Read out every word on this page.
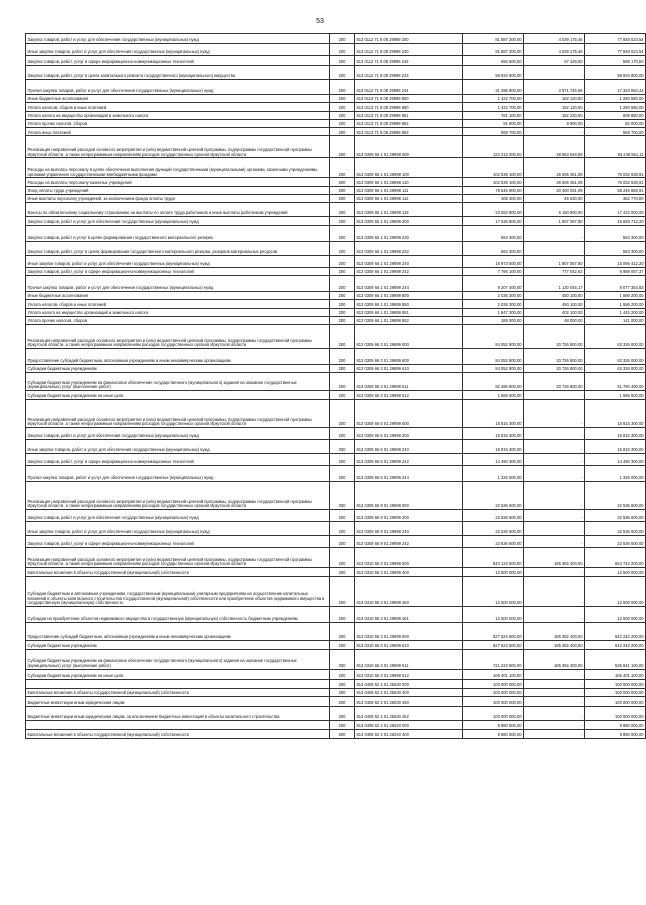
53
Закупка товаров, работ и услуг для обеспечения государственных (муниципальных) нужд	200	813 0112 71 8 08 29999 200	81 887 200,00	4 039 175,46	77 848 024,54
Иные закупки товаров, работ и услуг для обеспечения государственных (муниципальных) нужд	200	813 0112 71 8 08 29999 240	81 887 200,00	4 039 175,46	77 848 024,54
Закупка товаров, работ, услуг в сфере информационно-коммуникационных технологий	200	813 0112 71 8 08 29999 242	656 600,00	67 429,50	589 170,50
Закупка товаров, работ, услуг в целях капитального ремонта государственного (муниципального) имущества	200	813 0112 71 8 08 29999 243	59 934 800,00	-	59 934 800,00
Прочая закупка товаров, работ и услуг для обеспечения государственных (муниципальных) нужд	200	813 0112 71 8 08 29999 244	21 295 800,00	3 971 745,96	17 323 054,44
Иные бюджетные ассигнования	200	813 0113 71 8 08 29999 800	1 422 700,00	162 120,00	1 260 580,00
Уплата налогов, сборов и иных платежей	200	813 0113 71 8 08 29999 850	1 422 700,00	162 120,00	1 260 580,00
Уплата налога на имущество организаций и земельного налога	200	813 0113 71 8 08 29999 851	761 100,00	152 220,00	608 880,00
Уплата прочих налогов, сборов	200	813 0113 71 8 08 29999 852	91 900,00	9 900,00	82 000,00
Уплата иных платежей	200	813 0113 71 8 08 29999 853	569 700,00	-	569 700,00
Реализация направлений расходов основного мероприятия и (или) ведомственной целевой программы, подпрограммы государственной программы Иркутской области, а также непрограммным направлениям расходов государственных органов Иркутской области	200	813 0309 66 1 01 29999 000	122 212 200,00	28 963 648,89	93 248 551,11
Расходы на выплаты персоналу в целях обеспечения выполнения функций государственными (муниципальными) органами, казенными учреждениями, органами управления государственными внебюджетными фондами	200	813 0309 66 1 01 29999 100	102 639 100,00	26 606 461,09	76 032 638,91
Расходы на выплаты персоналу казенных учреждений	200	813 0309 66 1 01 29999 110	102 639 100,00	26 606 461,09	76 032 638,91
Фонд оплаты труда учреждений	200	813 0309 66 1 01 29999 111	78 646 900,00	20 400 031,09	58 246 868,91
Иные выплаты персоналу учреждений, за исключением фонда оплаты труда	200	813 0309 66 1 01 29999 112	408 400,00	45 630,00	362 770,00
Взносы по обязательному социальному страхованию на выплаты по оплате труда работников и иные выплаты работникам учреждений	200	813 0309 66 1 01 29999 119	23 583 800,00	6 160 800,00	17 422 000,00
Закупка товаров, работ и услуг для обеспечения государственных (муниципальных) нужд	200	813 0309 66 1 01 29999 200	17 536 800,00	1 907 087,80	15 629 712,20
Закупка товаров, работ и услуг в целях формирования государственного материального резерва	200	813 0309 66 1 01 29999 230	563 300,00	-	563 300,00
Закупка товаров, работ, услуг в целях формирования государственного материального резерва, резервов материальных ресурсов	200	813 0309 66 1 01 29999 232	563 300,00	-	563 300,00
Иные закупки товаров, работ и услуг для обеспечения государственных (муниципальных) нужд	200	813 0309 66 1 01 29999 240	16 973 500,00	1 907 087,80	15 066 412,20
Закупка товаров, работ, услуг в сфере информационно-коммуникационных технологий	200	813 0309 66 1 01 29999 242	7 766 100,00	777 042,63	6 989 057,37
Прочая закупка товаров, работ и услуг для обеспечения государственных (муниципальных) нужд	200	813 0309 66 1 01 29999 244	9 207 400,00	1 130 045,17	8 077 354,83
Иные бюджетные ассигнования	200	813 0309 66 1 01 29999 800	2 036 300,00	450 100,00	1 586 200,00
Уплата налогов, сборов и иных платежей	200	813 0309 66 1 01 29999 850	2 036 300,00	450 100,00	1 586 200,00
Уплата налога на имущество организаций и земельного налога	200	813 0309 66 1 01 29999 851	1 847 300,00	402 100,00	1 445 200,00
Уплата прочих налогов, сборов	200	813 0309 66 1 01 29999 852	189 000,00	48 000,00	141 000,00
Реализация направлений расходов основного мероприятия и (или) ведомственной целевой программы, подпрограммы государственной программы Иркутской области, а также непрограммным направлениям расходов государственных органов Иркутской области	200	813 0309 66 3 01 29999 000	84 052 800,00	20 726 800,00	63 326 000,00
Предоставление субсидий бюджетным, автономным учреждениям и иным некоммерческим организациям	200	813 0309 66 3 01 29999 600	84 052 800,00	20 726 800,00	63 326 000,00
Субсидии бюджетным учреждениям	200	813 0309 66 3 01 29999 610	84 052 800,00	20 726 800,00	63 326 000,00
Субсидии бюджетным учреждениям на финансовое обеспечение государственного (муниципального) задания на оказание государственных (муниципальных) услуг (выполнение работ)	200	813 0309 66 3 01 29999 611	82 486 800,00	20 726 800,00	61 760 400,00
Субсидии бюджетным учреждениям на иные цели	200	813 0309 66 3 01 29999 612	1 565 600,00	-	1 565 600,00
Реализация направлений расходов основного мероприятия и (или) ведомственной целевой программы, подпрограммы государственной программы Иркутской области, а также непрограммным направлениям расходов государственных органов Иркутской области	200	813 0309 66 5 01 29999 000	15 815 300,00	-	15 815 300,00
Закупка товаров, работ и услуг для обеспечения государственных (муниципальных) нужд	200	813 0309 66 5 01 29999 200	15 815 300,00	-	15 815 300,00
Иные закупки товаров, работ и услуг для обеспечения государственных (муниципальных) нужд	200	813 0309 66 5 01 29999 240	15 815 300,00	-	15 815 300,00
Закупка товаров, работ, услуг в сфере информационно-коммуникационных технологий	200	813 0309 66 5 01 29999 242	14 490 300,00	-	14 490 300,00
Прочая закупка товаров, работ и услуг для обеспечения государственных (муниципальных) нужд	200	813 0309 66 5 01 29999 244	1 325 000,00	-	1 325 000,00
Реализация направлений расходов основного мероприятия и (или) ведомственной целевой программы, подпрограммы государственной программы Иркутской области, а также непрограммным направлениям расходов государственных органов Иркутской области	200	813 0309 66 9 01 29999 000	22 536 600,00	-	22 536 600,00
Закупка товаров, работ и услуг для обеспечения государственных (муниципальных) нужд	200	813 0309 66 9 01 29999 200	22 536 600,00	-	22 536 600,00
Иные закупки товаров, работ и услуг для обеспечения государственных (муниципальных) нужд	200	813 0309 66 9 01 29999 240	22 536 600,00	-	22 536 600,00
Закупка товаров, работ, услуг в сфере информационно-коммуникационных технологий	200	813 0309 66 9 01 29999 242	22 536 600,00	-	22 536 600,00
Реализация направлений расходов основного мероприятия и (или) ведомственной целевой программы, подпрограммы государственной программы Иркутской области, а также непрограммным направлениям расходов государственных органов Иркутской области	200	813 0310 66 3 01 29999 000	840 124 600,00	185 382 400,00	654 742 200,00
Капитальные вложения в объекты государственной (муниципальной) собственности	200	813 0310 66 3 01 29999 400	12 500 000,00	-	12 500 000,00
Субсидии бюджетным и автономным учреждениям, государственным (муниципальным) унитарным предприятиям на осуществление капитальных вложений в объекты капитального строительства государственной (муниципальной) собственности или приобретение объектов недвижимого имущества в государственную (муниципальную) собственность	200	813 0310 66 3 01 29999 460	12 500 000,00	-	12 500 000,00
Субсидии на приобретение объектов недвижимого имущества в государственную (муниципальную) собственность бюджетным учреждениям	200	813 0310 66 3 01 29999 461	12 500 000,00	-	12 500 000,00
Предоставление субсидий бюджетным, автономным учреждениям и иным некоммерческим организациям	200	813 0310 66 3 01 29999 600	827 624 600,00	185 382 400,00	642 242 200,00
Субсидии бюджетным учреждениям	200	813 0310 66 3 01 29999 610	827 624 600,00	185 382 400,00	642 242 200,00
Субсидии бюджетным учреждениям на финансовое обеспечение государственного (муниципального) задания на оказание государственных (муниципальных) услуг (выполнение работ)	200	813 0310 66 3 01 29999 611	721 223 500,00	185 382 400,00	535 841 100,00
Субсидии бюджетным учреждениям на иные цели	200	813 0310 66 3 01 29999 612	106 401 100,00	-	106 401 100,00
	200	813 0408 62 2 01 26030 000	100 000 000,00	-	100 000 000,00
Капитальные вложения в объекты государственной (муниципальной) собственности	200	813 0408 62 2 01 26030 400	100 000 000,00	-	100 000 000,00
Бюджетные инвестиции иным юридическим лицам	200	813 0408 62 2 01 26030 450	100 000 000,00	-	100 000 000,00
Бюджетные инвестиции иным юридическим лицам, за исключением бюджетных инвестиций в объекты капитального строительства	200	813 0408 62 2 01 26030 452	100 000 000,00	-	100 000 000,00
	200	813 0408 62 3 01 26040 000	9 880 000,00	-	9 880 000,00
Капитальные вложения в объекты государственной (муниципальной) собственности	200	813 0408 62 3 01 26040 400	9 880 000,00	-	9 880 000,00
